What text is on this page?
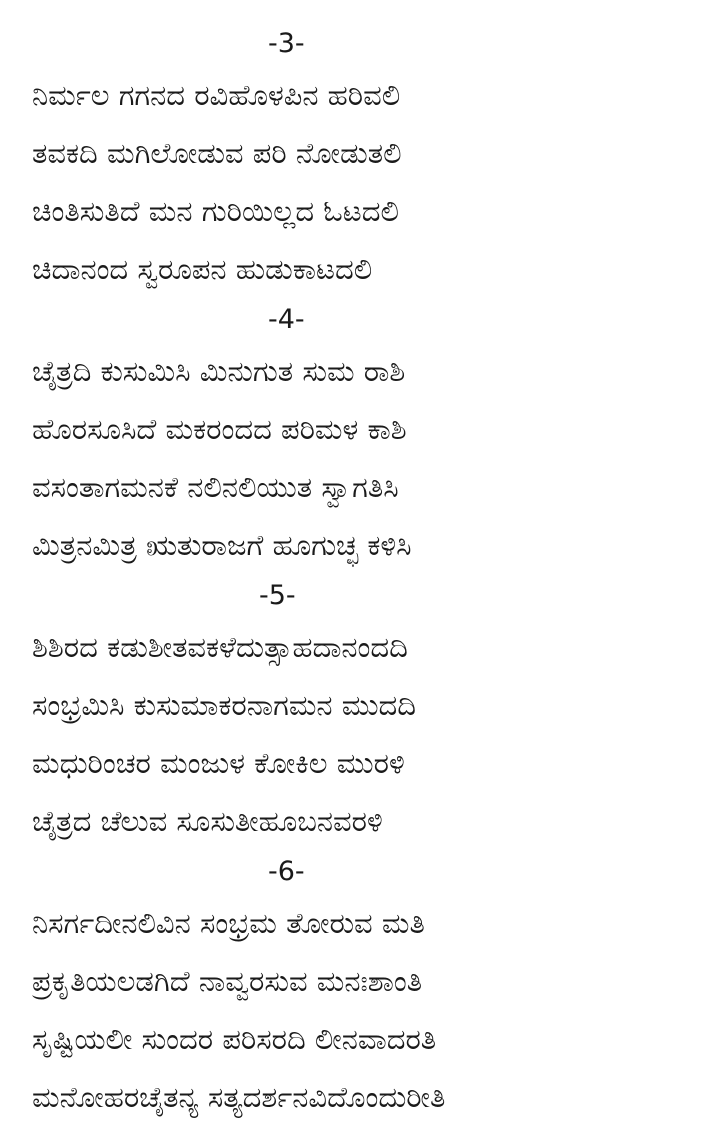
-3-
ನಿರ್ಮಲ ಗಗನದ ರವಿಹೊಳಪಿನ ಹರಿವಲಿ
ತವಕದಿ ಮಗಿಲೋಡುವ ಪರಿ ನೋಡುತಲಿ
ಚಿಂತಿಸುತಿದೆ ಮನ ಗುರಿಯಿಲ್ಲದ ಓಟದಲಿ
ಚಿದಾನಂದ ಸ್ವರೂಪನ ಹುಡುಕಾಟದಲಿ
-4-
ಚೈತ್ರದಿ ಕುಸುಮಿಸಿ ಮಿನುಗುತ ಸುಮ ರಾಶಿ
ಹೊರಸೂಸಿದೆ ಮಕರಂದದ ಪರಿಮಳ ಕಾಶಿ
ವಸಂತಾಗಮನಕೆ ನಲಿನಲಿಯುತ ಸ್ವಾಗತಿಸಿ
ಮಿತ್ರನಮಿತ್ರ ಋತುರಾಜಗೆ ಹೂಗುಚ್ಛ ಕಳಿಸಿ
-5-
ಶಿಶಿರದ ಕಡುಶೀತವಕಳೆದುತ್ಸಾಹದಾನಂದದಿ
ಸಂಭ್ರಮಿಸಿ ಕುಸುಮಾಕರನಾಗಮನ ಮುದದಿ
ಮಧುರಿಂಚರ ಮಂಜುಳ ಕೋಕಿಲ ಮುರಳಿ
ಚೈತ್ರದ ಚೆಲುವ ಸೂಸುತೀಹೂಬನವರಳಿ
-6-
ನಿಸರ್ಗದೀನಲಿವಿನ ಸಂಭ್ರಮ ತೋರುವ ಮತಿ
ಪ್ರಕೃತಿಯಲಡಗಿದೆ ನಾವ್ವರಸುವ ಮನಃಶಾಂತಿ
ಸೃಷ್ಟಿಯಲೀ ಸುಂದರ ಪರಿಸರದಿ ಲೀನವಾದರತಿ
ಮನೋಹರಚೈತನ್ಯ ಸತ್ಯದರ್ಶನವಿದೊಂದುರೀತಿ
